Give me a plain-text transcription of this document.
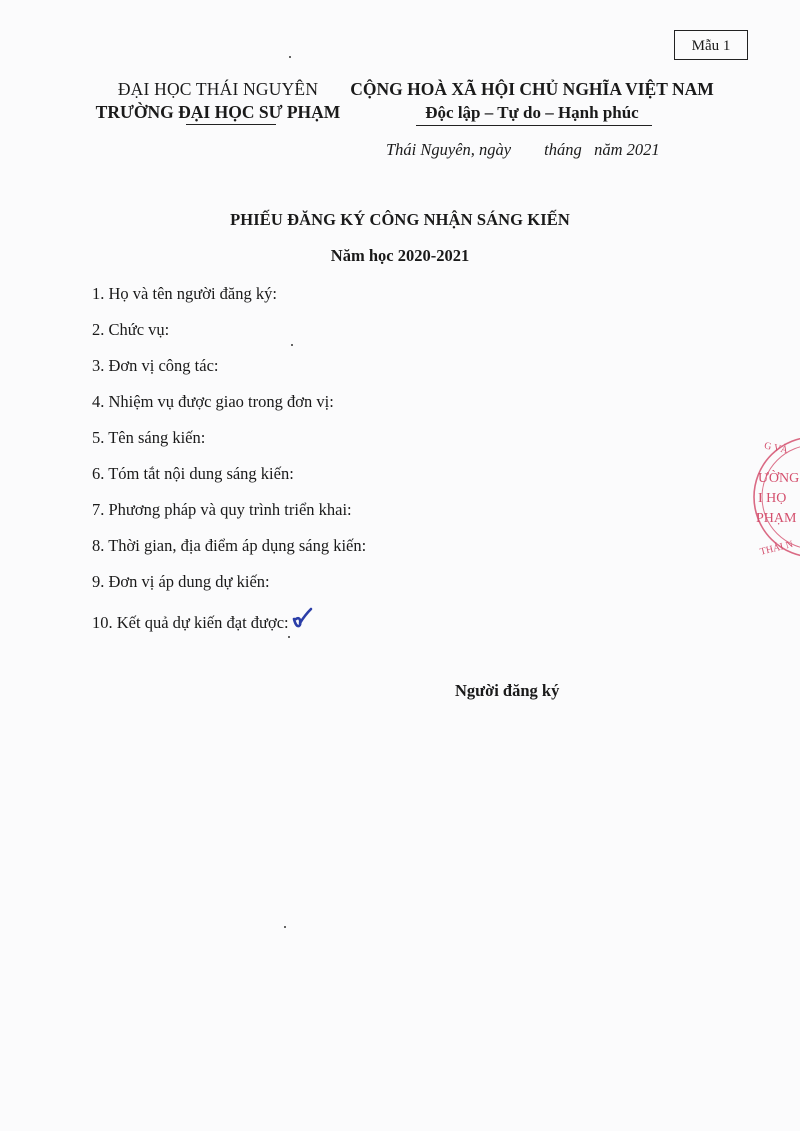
Mẫu 1
ĐẠI HỌC THÁI NGUYÊN
TRƯỜNG ĐẠI HỌC SƯ PHẠM
CỘNG HOÀ XÃ HỘI CHỦ NGHĨA VIỆT NAM
Độc lập – Tự do – Hạnh phúc
Thái Nguyên, ngày        tháng   năm 2021
PHIẾU ĐĂNG KÝ CÔNG NHẬN SÁNG KIẾN
Năm học 2020-2021
1. Họ và tên người đăng ký:
2. Chức vụ:
3. Đơn vị công tác:
4. Nhiệm vụ được giao trong đơn vị:
5. Tên sáng kiến:
6. Tóm tắt nội dung sáng kiến:
7. Phương pháp và quy trình triển khai:
8. Thời gian, địa điểm áp dụng sáng kiến:
9. Đơn vị áp dung dự kiến:
10. Kết quả dự kiến đạt được:
Người đăng ký
G VÀ
ƯỜNG
I HỌ
PHẠM
THÁI N
